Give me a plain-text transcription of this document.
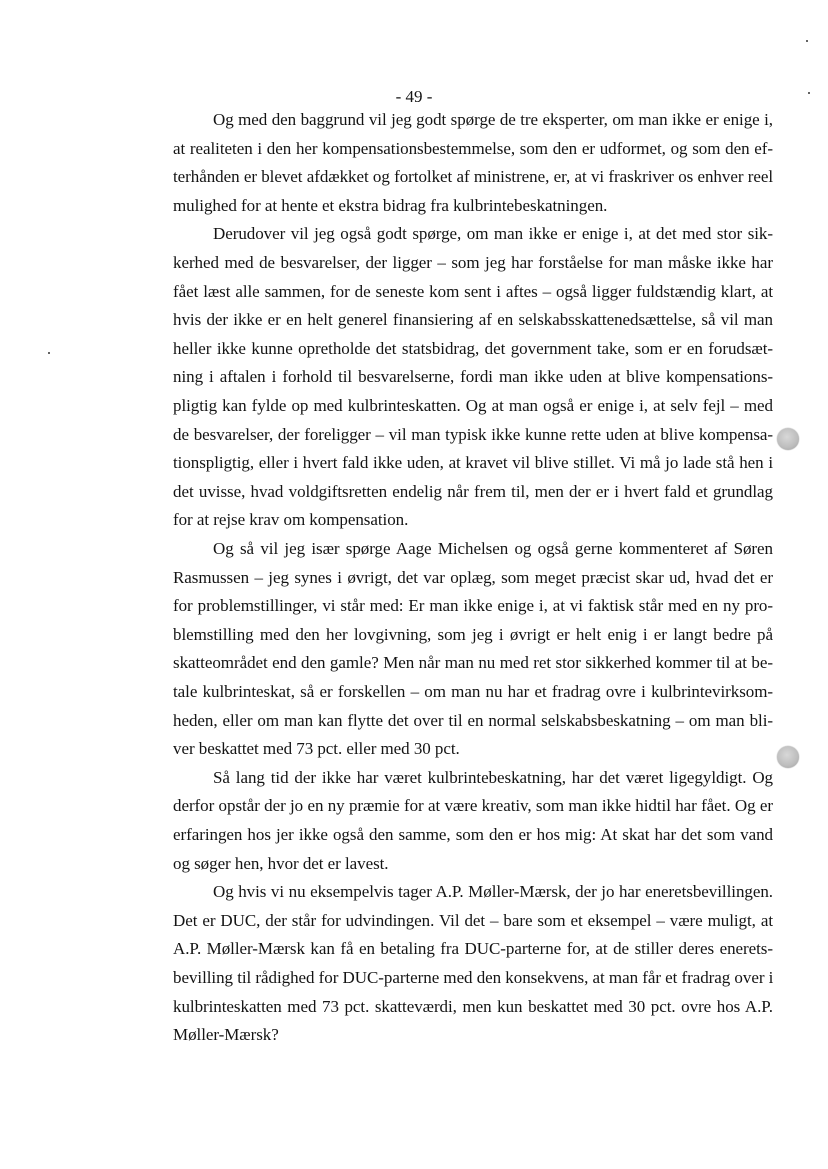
- 49 -
Og med den baggrund vil jeg godt spørge de tre eksperter, om man ikke er enige i,
at realiteten i den her kompensationsbestemmelse, som den er udformet, og som den ef-
terhånden er blevet afdækket og fortolket af ministrene, er, at vi fraskriver os enhver reel
mulighed for at hente et ekstra bidrag fra kulbrintebeskatningen.
Derudover vil jeg også godt spørge, om man ikke er enige i, at det med stor sik-
kerhed med de besvarelser, der ligger – som jeg har forståelse for man måske ikke har
fået læst alle sammen, for de seneste kom sent i aftes – også ligger fuldstændig klart, at
hvis der ikke er en helt generel finansiering af en selskabsskattenedsættelse, så vil man
heller ikke kunne opretholde det statsbidrag, det government take, som er en forudsæt-
ning i aftalen i forhold til besvarelserne, fordi man ikke uden at blive kompensations-
pligtig kan fylde op med kulbrinteskatten. Og at man også er enige i, at selv fejl – med
de besvarelser, der foreligger – vil man typisk ikke kunne rette uden at blive kompensa-
tionspligtig, eller i hvert fald ikke uden, at kravet vil blive stillet. Vi må jo lade stå hen i
det uvisse, hvad voldgiftsretten endelig når frem til, men der er i hvert fald et grundlag
for at rejse krav om kompensation.
Og så vil jeg især spørge Aage Michelsen og også gerne kommenteret af Søren
Rasmussen – jeg synes i øvrigt, det var oplæg, som meget præcist skar ud, hvad det er
for problemstillinger, vi står med: Er man ikke enige i, at vi faktisk står med en ny pro-
blemstilling med den her lovgivning, som jeg i øvrigt er helt enig i er langt bedre på
skatteområdet end den gamle? Men når man nu med ret stor sikkerhed kommer til at be-
tale kulbrinteskat, så er forskellen – om man nu har et fradrag ovre i kulbrintevirksom-
heden, eller om man kan flytte det over til en normal selskabsbeskatning – om man bli-
ver beskattet med 73 pct. eller med 30 pct.
Så lang tid der ikke har været kulbrintebeskatning, har det været ligegyldigt. Og
derfor opstår der jo en ny præmie for at være kreativ, som man ikke hidtil har fået. Og er
erfaringen hos jer ikke også den samme, som den er hos mig: At skat har det som vand
og søger hen, hvor det er lavest.
Og hvis vi nu eksempelvis tager A.P. Møller-Mærsk, der jo har eneretsbevillingen.
Det er DUC, der står for udvindingen. Vil det – bare som et eksempel – være muligt, at
A.P. Møller-Mærsk kan få en betaling fra DUC-parterne for, at de stiller deres enerets-
bevilling til rådighed for DUC-parterne med den konsekvens, at man får et fradrag over i
kulbrinteskatten med 73 pct. skatteværdi, men kun beskattet med 30 pct. ovre hos A.P.
Møller-Mærsk?
